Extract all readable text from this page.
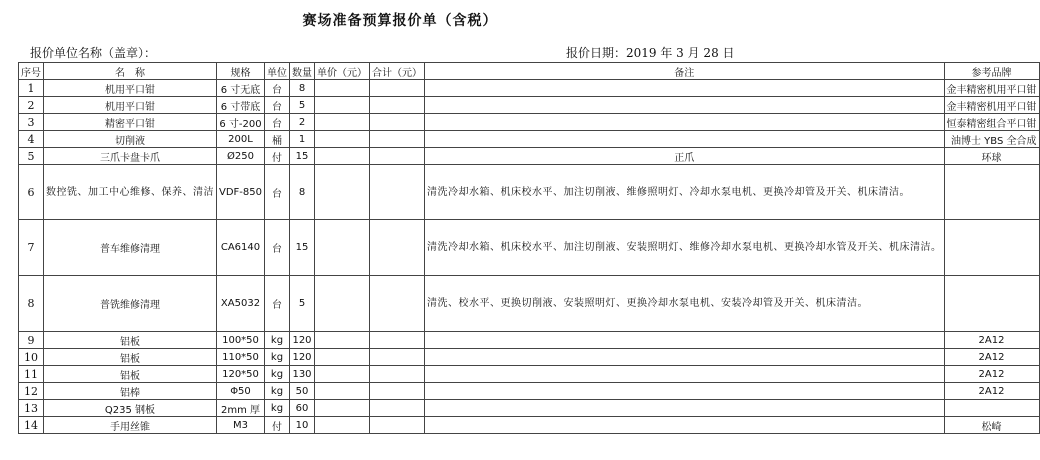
赛场准备预算报价单（含税）
报价单位名称（盖章）：	报价日期：2019 年 3 月 28 日
序号	名　称	规格	单位	数量	单价（元）	合计（元）	备注	参考品牌
1	机用平口钳	6 寸无底	台	8				金丰精密机用平口钳
2	机用平口钳	6 寸带底	台	5				金丰精密机用平口钳
3	精密平口钳	6 寸-200	台	2				恒泰精密组合平口钳
4	切削液	200L	桶	1				油博士 YBS 全合成
5	三爪卡盘卡爪	Ø250	付	15			正爪	环球
6	数控铣、加工中心维修、保养、清洁	VDF-850	台	8			清洗冷却水箱、机床校水平、加注切削液、维修照明灯、冷却水泵电机、更换冷却管及开关、机床清洁。	
7	普车维修清理	CA6140	台	15			清洗冷却水箱、机床校水平、加注切削液、安装照明灯、维修冷却水泵电机、更换冷却水管及开关、机床清洁。	
8	普铣维修清理	XA5032	台	5			清洗、校水平、更换切削液、安装照明灯、更换冷却水泵电机、安装冷却管及开关、机床清洁。	
9	铝板	100*50	kg	120				2A12
10	铝板	110*50	kg	120				2A12
11	铝板	120*50	kg	130				2A12
12	铝棒	Φ50	kg	50				2A12
13	Q235 钢板	2mm 厚	kg	60				
14	手用丝锥	M3	付	10				松崎
